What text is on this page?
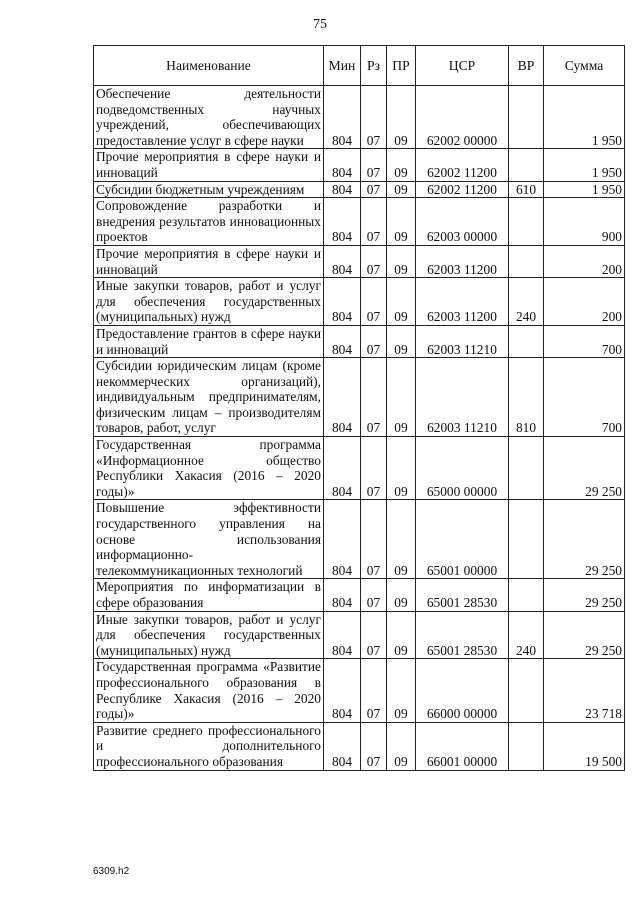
75
Наименование	Мин	Рз	ПР	ЦСР	ВР	Сумма
Обеспечение деятельности подведомственных научных учреждений, обеспечивающих предоставление услуг в сфере науки	804	07	09	62002 00000		1 950
Прочие мероприятия в сфере науки и инноваций	804	07	09	62002 11200		1 950
Субсидии бюджетным учреждениям	804	07	09	62002 11200	610	1 950
Сопровождение разработки и внедрения результатов инновационных проектов	804	07	09	62003 00000		900
Прочие мероприятия в сфере науки и инноваций	804	07	09	62003 11200		200
Иные закупки товаров, работ и услуг для обеспечения государственных (муниципальных) нужд	804	07	09	62003 11200	240	200
Предоставление грантов в сфере науки и инноваций	804	07	09	62003 11210		700
Субсидии юридическим лицам (кроме некоммерческих организаций), индивидуальным предпринимателям, физическим лицам – производителям товаров, работ, услуг	804	07	09	62003 11210	810	700
Государственная программа «Информационное общество Республики Хакасия (2016 – 2020 годы)»	804	07	09	65000 00000		29 250
Повышение эффективности государственного управления на основе использования информационно-телекоммуникационных технологий	804	07	09	65001 00000		29 250
Мероприятия по информатизации в сфере образования	804	07	09	65001 28530		29 250
Иные закупки товаров, работ и услуг для обеспечения государственных (муниципальных) нужд	804	07	09	65001 28530	240	29 250
Государственная программа «Развитие профессионального образования в Республике Хакасия (2016 – 2020 годы)»	804	07	09	66000 00000		23 718
Развитие среднего профессионального и дополнительного профессионального образования	804	07	09	66001 00000		19 500
6309.h2
